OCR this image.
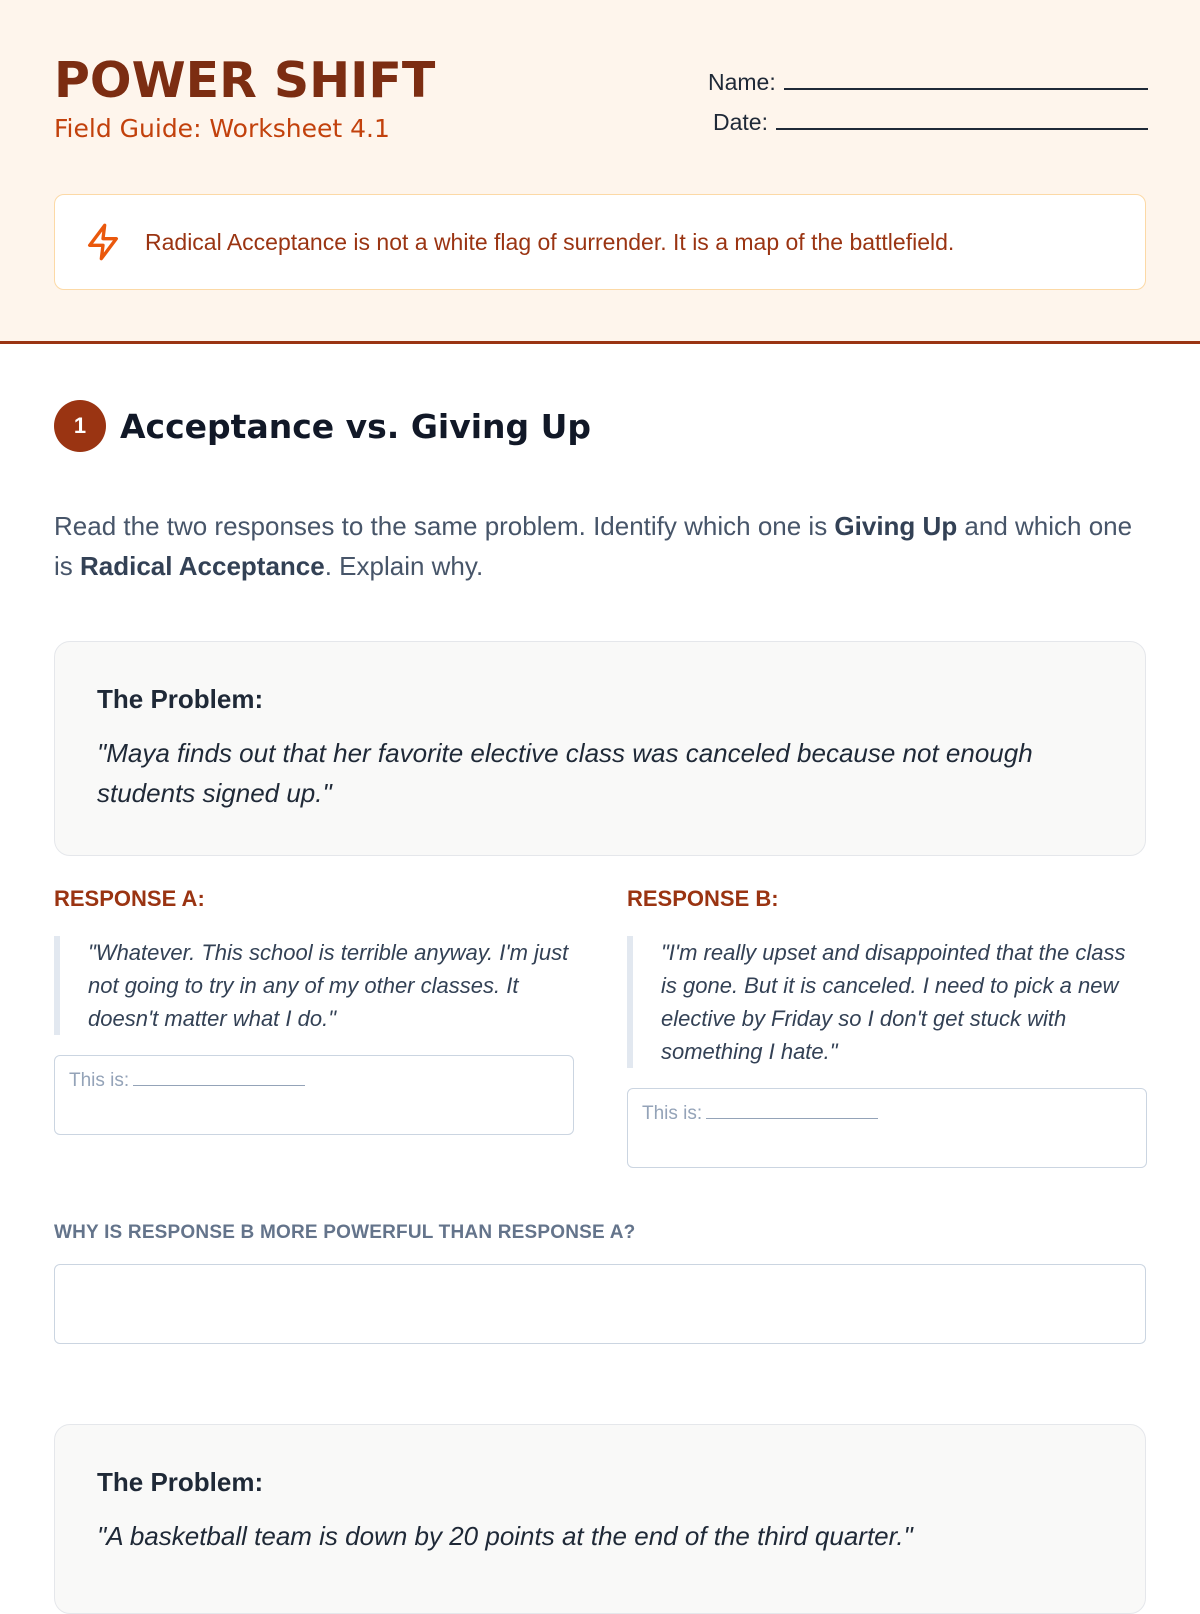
POWER SHIFT
Field Guide: Worksheet 4.1
Name:
Date:
Radical Acceptance is not a white flag of surrender. It is a map of the battlefield.
1	Acceptance vs. Giving Up
Read the two responses to the same problem. Identify which one is Giving Up and which one is Radical Acceptance. Explain why.
The Problem:
"Maya finds out that her favorite elective class was canceled because not enough students signed up."
RESPONSE A:
"Whatever. This school is terrible anyway. I'm just not going to try in any of my other classes. It doesn't matter what I do."
This is:
RESPONSE B:
"I'm really upset and disappointed that the class is gone. But it is canceled. I need to pick a new elective by Friday so I don't get stuck with something I hate."
This is:
WHY IS RESPONSE B MORE POWERFUL THAN RESPONSE A?
The Problem:
"A basketball team is down by 20 points at the end of the third quarter."
